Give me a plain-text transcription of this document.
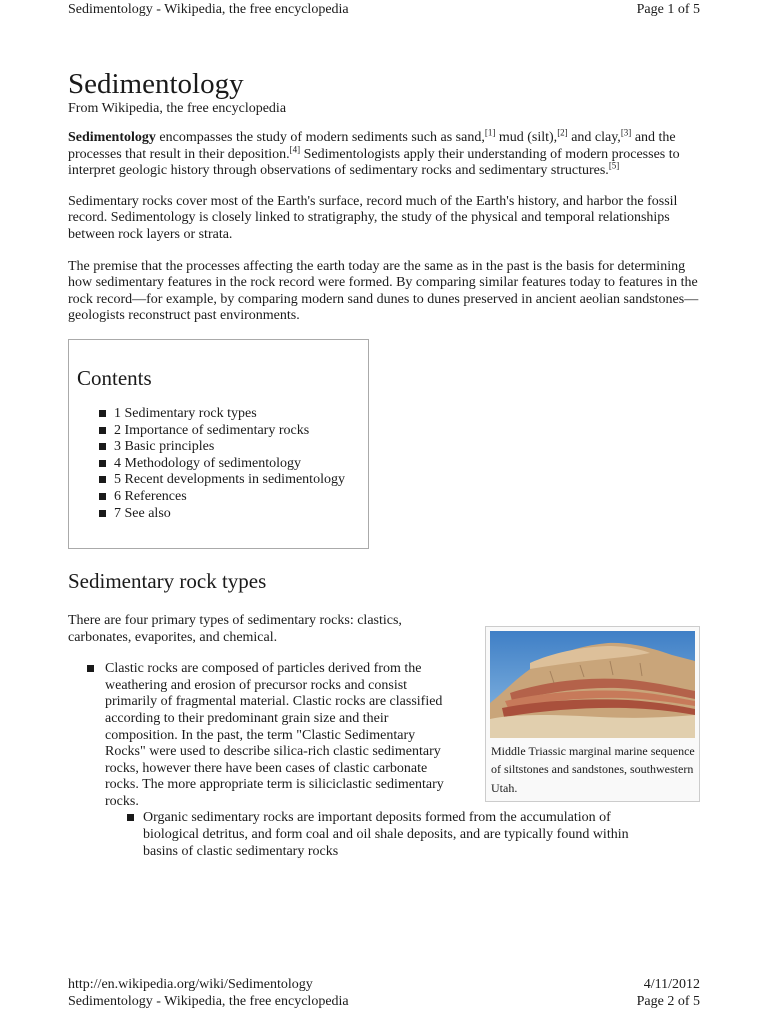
Sedimentology - Wikipedia, the free encyclopedia	Page 1 of 5
Sedimentology
From Wikipedia, the free encyclopedia

Sedimentology encompasses the study of modern sediments such as sand,[1] mud (silt),[2] and clay,[3] and the processes that result in their deposition.[4] Sedimentologists apply their understanding of modern processes to interpret geologic history through observations of sedimentary rocks and sedimentary structures.[5]

Sedimentary rocks cover most of the Earth's surface, record much of the Earth's history, and harbor the fossil record. Sedimentology is closely linked to stratigraphy, the study of the physical and temporal relationships between rock layers or strata.

The premise that the processes affecting the earth today are the same as in the past is the basis for determining how sedimentary features in the rock record were formed. By comparing similar features today to features in the rock record—for example, by comparing modern sand dunes to dunes preserved in ancient aeolian sandstones—geologists reconstruct past environments.

Contents
1 Sedimentary rock types
2 Importance of sedimentary rocks
3 Basic principles
4 Methodology of sedimentology
5 Recent developments in sedimentology
6 References
7 See also
Sedimentary rock types

There are four primary types of sedimentary rocks: clastics, carbonates, evaporites, and chemical.

Middle Triassic marginal marine sequence of siltstones and sandstones, southwestern Utah.
Clastic rocks are composed of particles derived from the weathering and erosion of precursor rocks and consist primarily of fragmental material. Clastic rocks are classified according to their predominant grain size and their composition. In the past, the term "Clastic Sedimentary Rocks" were used to describe silica-rich clastic sedimentary rocks, however there have been cases of clastic carbonate rocks. The more appropriate term is siliciclastic sedimentary rocks.
Organic sedimentary rocks are important deposits formed from the accumulation of biological detritus, and form coal and oil shale deposits, and are typically found within basins of clastic sedimentary rocks
http://en.wikipedia.org/wiki/Sedimentology	4/11/2012
Sedimentology - Wikipedia, the free encyclopedia	Page 2 of 5
